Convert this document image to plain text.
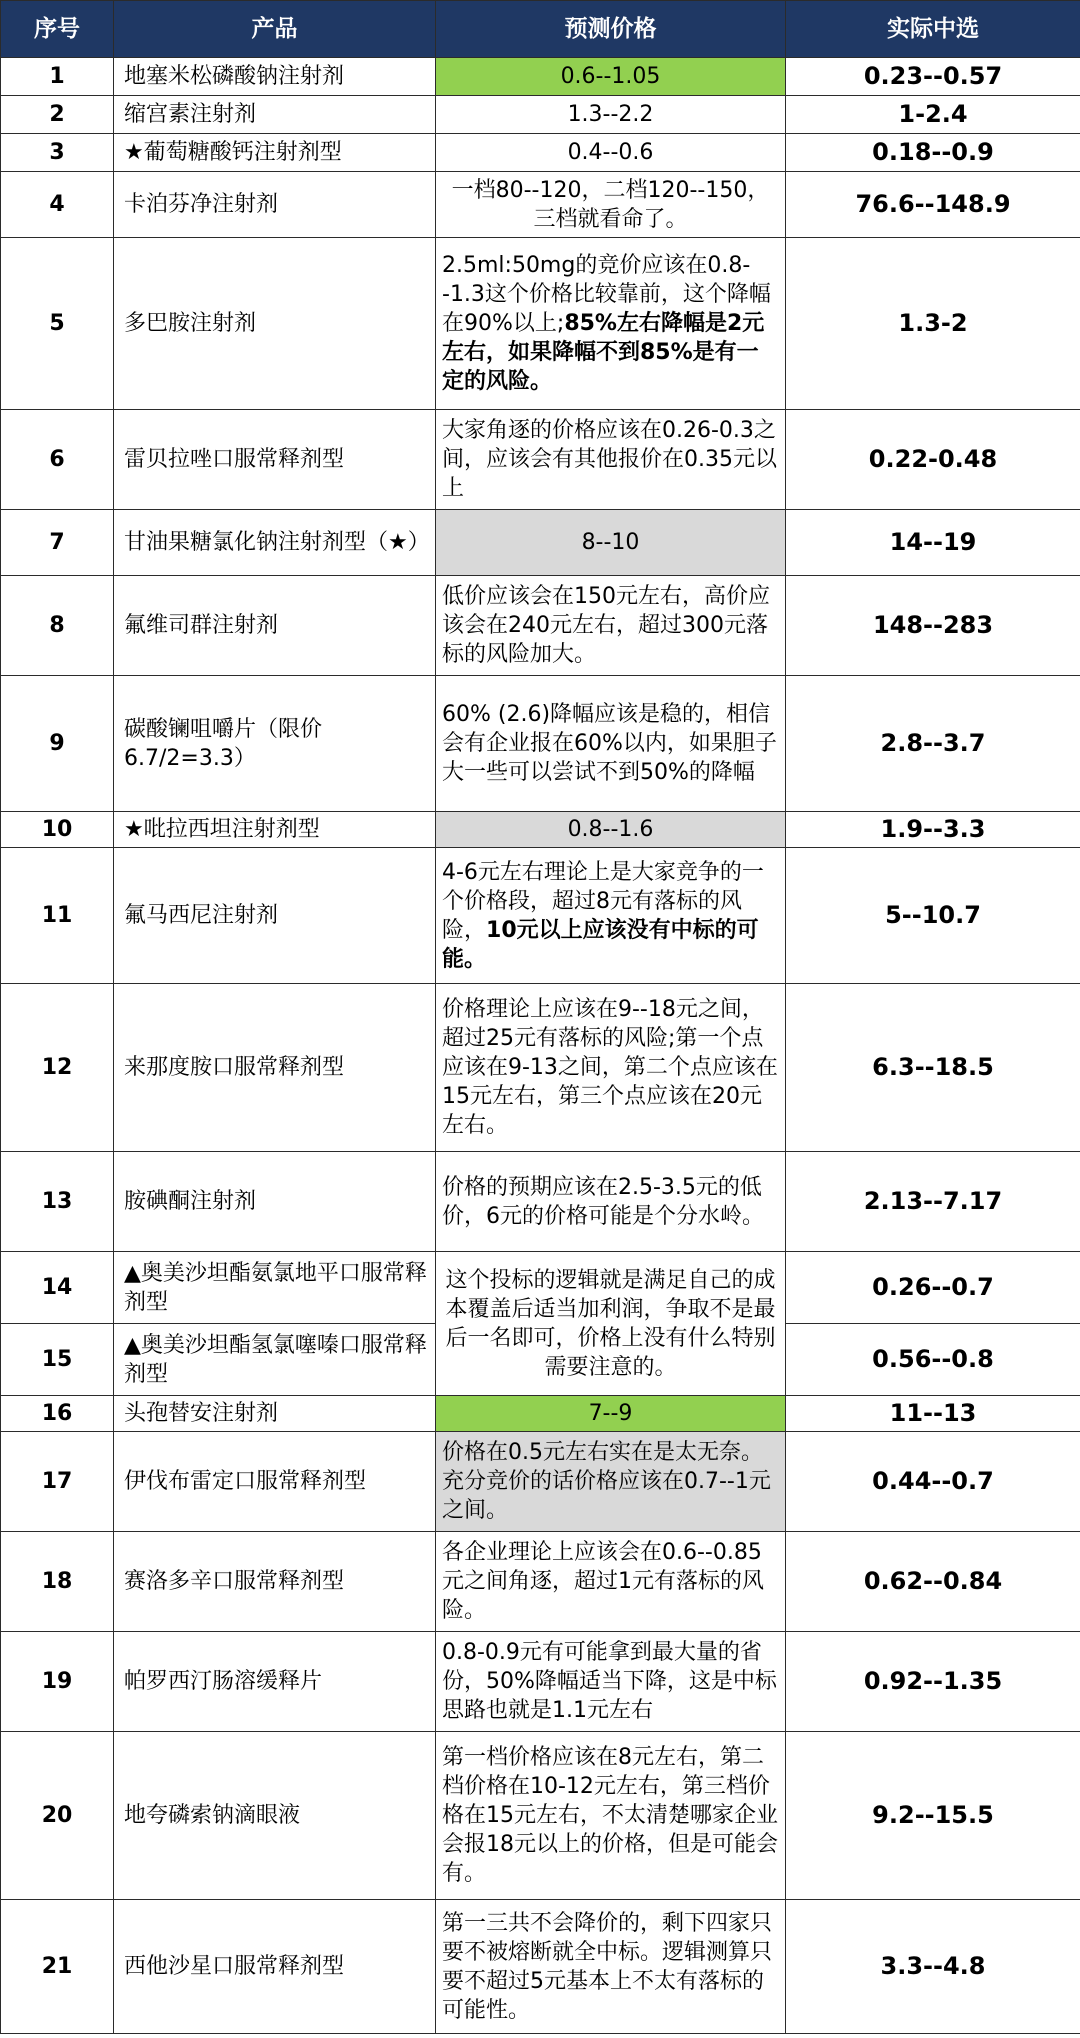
序号	产品	预测价格	实际中选
1	地塞米松磷酸钠注射剂	0.6--1.05	0.23--0.57
2	缩宫素注射剂	1.3--2.2	1-2.4
3	★葡萄糖酸钙注射剂型	0.4--0.6	0.18--0.9
4	卡泊芬净注射剂	一档80--120，二档120--150，三档就看命了。	76.6--148.9
5	多巴胺注射剂	2.5ml:50mg的竞价应该在0.8--1.3这个价格比较靠前，这个降幅在90%以上;85%左右降幅是2元左右，如果降幅不到85%是有一定的风险。	1.3-2
6	雷贝拉唑口服常释剂型	大家角逐的价格应该在0.26-0.3之间，应该会有其他报价在0.35元以上	0.22-0.48
7	甘油果糖氯化钠注射剂型（★）	8--10	14--19
8	氟维司群注射剂	低价应该会在150元左右，高价应该会在240元左右，超过300元落标的风险加大。	148--283
9	碳酸镧咀嚼片（限价6.7/2=3.3）	60% (2.6)降幅应该是稳的，相信会有企业报在60%以内，如果胆子大一些可以尝试不到50%的降幅	2.8--3.7
10	★吡拉西坦注射剂型	0.8--1.6	1.9--3.3
11	氟马西尼注射剂	4-6元左右理论上是大家竞争的一个价格段，超过8元有落标的风险，10元以上应该没有中标的可能。	5--10.7
12	来那度胺口服常释剂型	价格理论上应该在9--18元之间，超过25元有落标的风险;第一个点应该在9-13之间，第二个点应该在15元左右，第三个点应该在20元左右。	6.3--18.5
13	胺碘酮注射剂	价格的预期应该在2.5-3.5元的低价，6元的价格可能是个分水岭。	2.13--7.17
14	▲奥美沙坦酯氨氯地平口服常释剂型	这个投标的逻辑就是满足自己的成本覆盖后适当加利润，争取不是最后一名即可，价格上没有什么特别需要注意的。	0.26--0.7
15	▲奥美沙坦酯氢氯噻嗪口服常释剂型		0.56--0.8
16	头孢替安注射剂	7--9	11--13
17	伊伐布雷定口服常释剂型	价格在0.5元左右实在是太无奈。充分竞价的话价格应该在0.7--1元之间。	0.44--0.7
18	赛洛多辛口服常释剂型	各企业理论上应该会在0.6--0.85元之间角逐，超过1元有落标的风险。	0.62--0.84
19	帕罗西汀肠溶缓释片	0.8-0.9元有可能拿到最大量的省份，50%降幅适当下降，这是中标思路也就是1.1元左右	0.92--1.35
20	地夸磷索钠滴眼液	第一档价格应该在8元左右，第二档价格在10-12元左右，第三档价格在15元左右，不太清楚哪家企业会报18元以上的价格，但是可能会有。	9.2--15.5
21	西他沙星口服常释剂型	第一三共不会降价的，剩下四家只要不被熔断就全中标。逻辑测算只要不超过5元基本上不太有落标的可能性。	3.3--4.8
